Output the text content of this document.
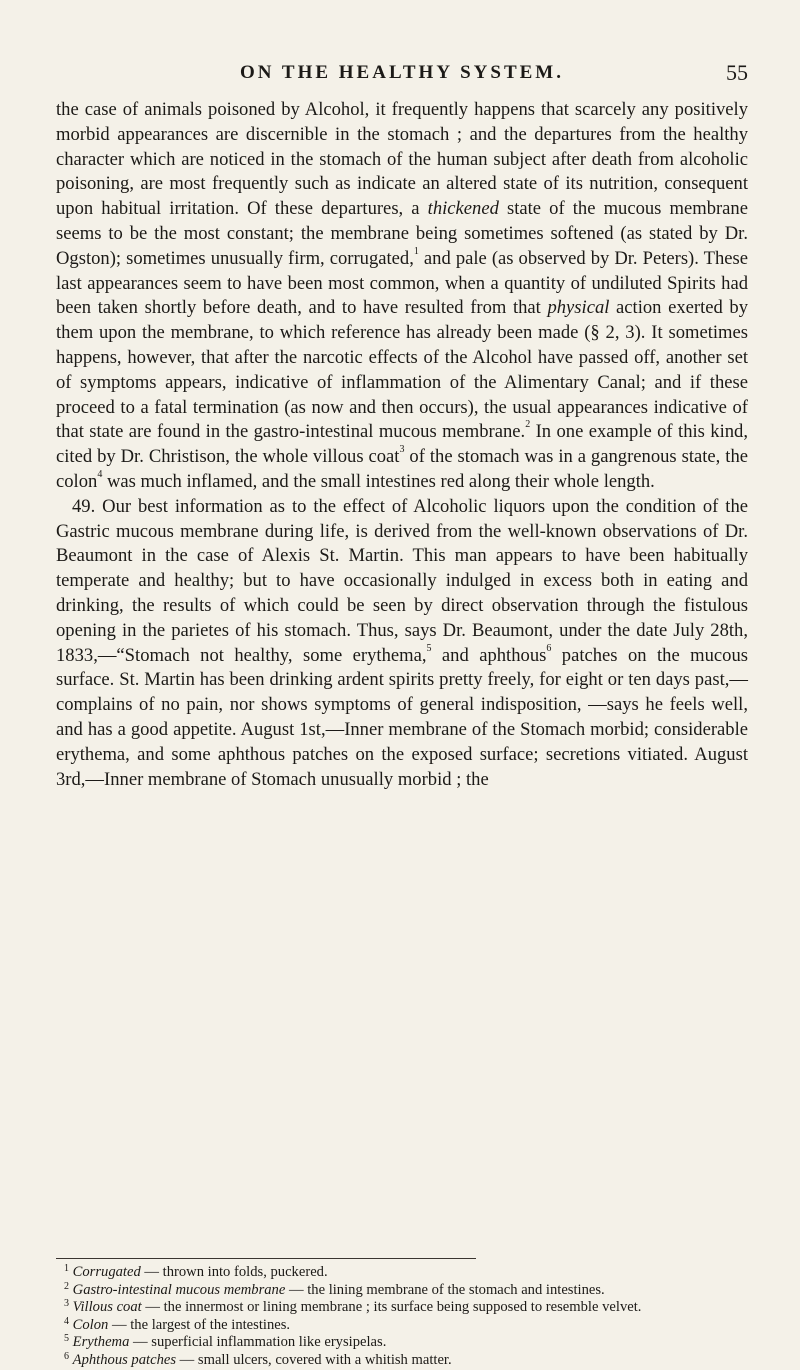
ON THE HEALTHY SYSTEM.	55

the case of animals poisoned by Alcohol, it frequently happens that scarcely any positively morbid appearances are discernible in the stomach ; and the departures from the healthy character which are noticed in the stomach of the human subject after death from alcoholic poisoning, are most frequently such as indicate an altered state of its nutrition, consequent upon habitual irritation. Of these departures, a thickened state of the mucous membrane seems to be the most constant; the membrane being sometimes softened (as stated by Dr. Ogston); sometimes unusually firm, corrugated,$^1$ and pale (as observed by Dr. Peters). These last appearances seem to have been most common, when a quantity of undiluted Spirits had been taken shortly before death, and to have resulted from that physical action exerted by them upon the membrane, to which reference has already been made (§ 2, 3). It sometimes happens, however, that after the narcotic effects of the Alcohol have passed off, another set of symptoms appears, indicative of inflammation of the Alimentary Canal; and if these proceed to a fatal termination (as now and then occurs), the usual appearances indicative of that state are found in the gastro-intestinal mucous membrane.$^2$ In one example of this kind, cited by Dr. Christison, the whole villous coat$^3$ of the stomach was in a gangrenous state, the colon$^4$ was much inflamed, and the small intestines red along their whole length.

49. Our best information as to the effect of Alcoholic liquors upon the condition of the Gastric mucous membrane during life, is derived from the well-known observations of Dr. Beaumont in the case of Alexis St. Martin. This man appears to have been habitually temperate and healthy; but to have occasionally indulged in excess both in eating and drinking, the results of which could be seen by direct observation through the fistulous opening in the parietes of his stomach. Thus, says Dr. Beaumont, under the date July 28th, 1833,—“Stomach not healthy, some erythema,$^5$ and aphthous$^6$ patches on the mucous surface. St. Martin has been drinking ardent spirits pretty freely, for eight or ten days past,—complains of no pain, nor shows symptoms of general indisposition, —says he feels well, and has a good appetite. August 1st,—Inner membrane of the Stomach morbid; considerable erythema, and some aphthous patches on the exposed surface; secretions vitiated. August 3rd,—Inner membrane of Stomach unusually morbid ; the

$^1$ Corrugated — thrown into folds, puckered.

$^2$ Gastro-intestinal mucous membrane — the lining membrane of the stomach and intestines.

$^3$ Villous coat — the innermost or lining membrane ; its surface being supposed to resemble velvet.

$^4$ Colon — the largest of the intestines.

$^5$ Erythema — superficial inflammation like erysipelas.

$^6$ Aphthous patches — small ulcers, covered with a whitish matter.
